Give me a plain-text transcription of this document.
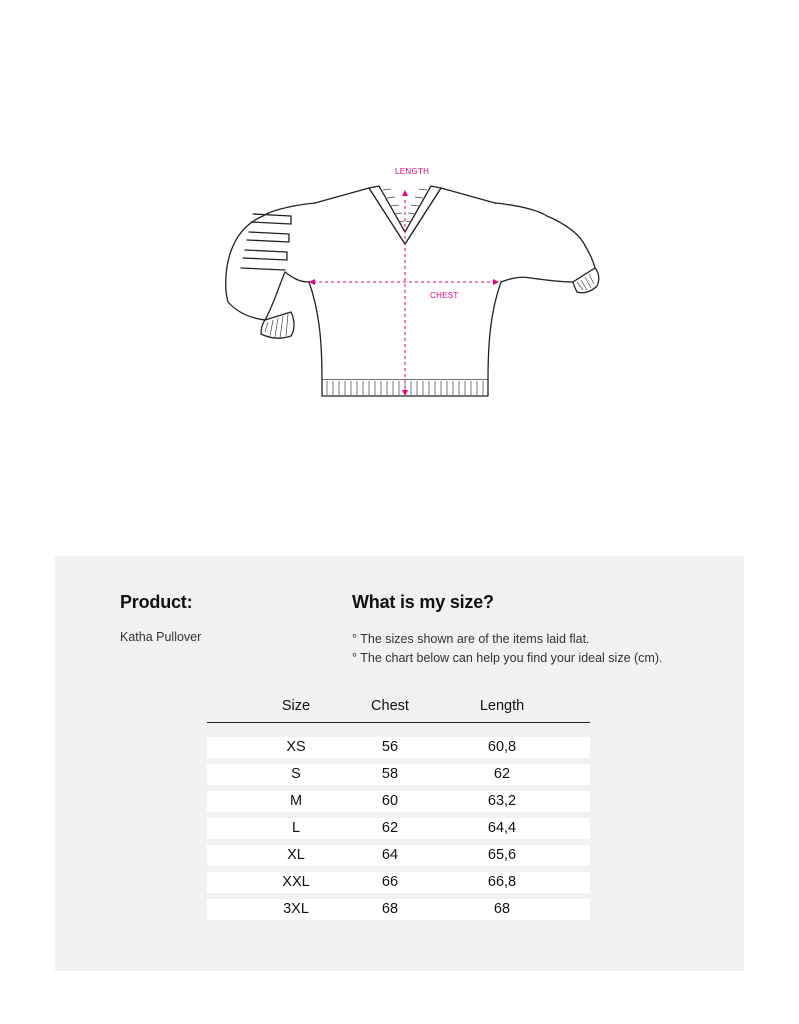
LENGTH
CHEST
Product:	What is my size?
Katha Pullover	° The sizes shown are of the items laid flat.
° The chart below can help you find your ideal size (cm).
Size	Chest	Length
XS	56	60,8
S	58	62
M	60	63,2
L	62	64,4
XL	64	65,6
XXL	66	66,8
3XL	68	68
